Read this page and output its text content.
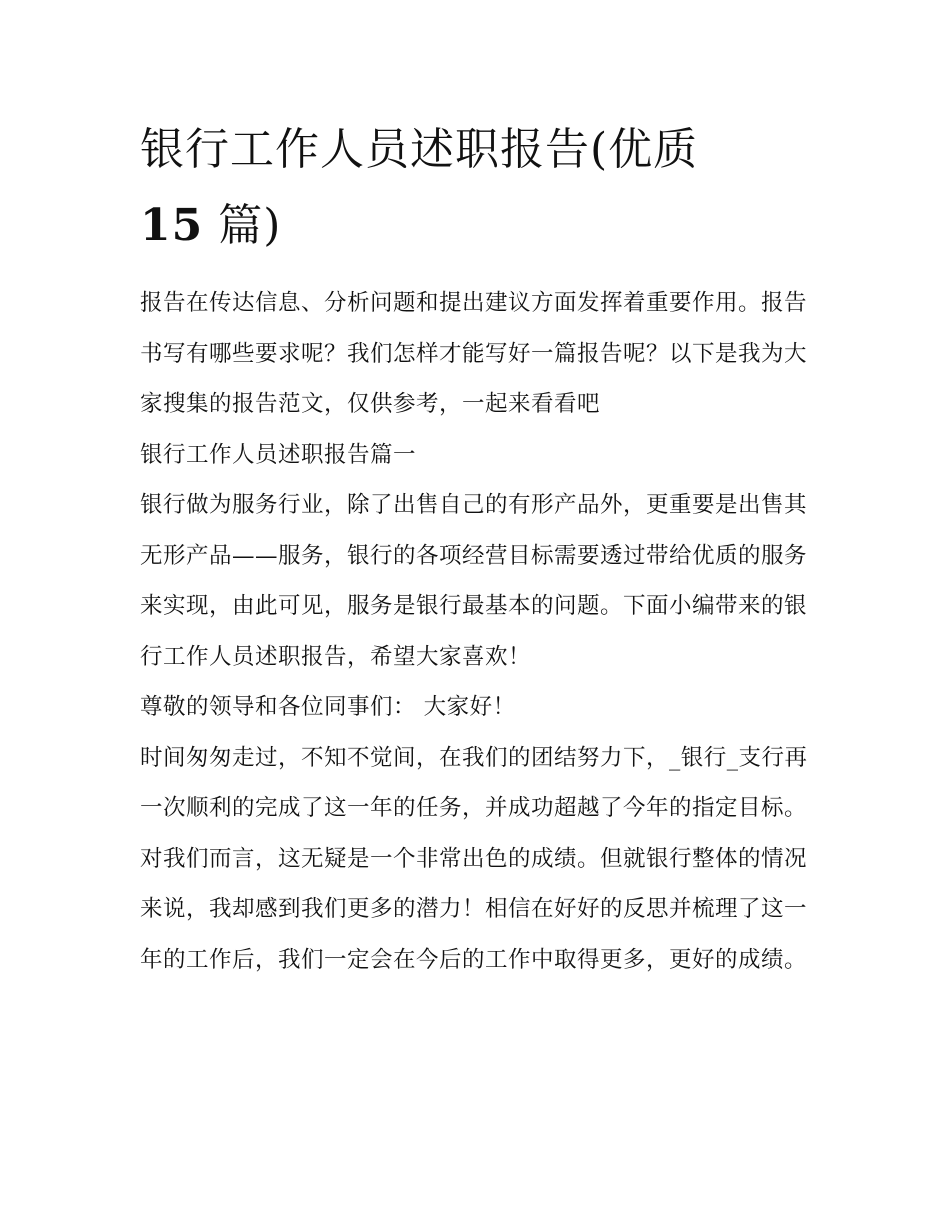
银行工作人员述职报告(优质
15 篇)

报告在传达信息、分析问题和提出建议方面发挥着重要作用。报告书写有哪些要求呢？我们怎样才能写好一篇报告呢？以下是我为大家搜集的报告范文，仅供参考，一起来看看吧

银行工作人员述职报告篇一

银行做为服务行业，除了出售自己的有形产品外，更重要是出售其无形产品——服务，银行的各项经营目标需要透过带给优质的服务来实现，由此可见，服务是银行最基本的问题。下面小编带来的银行工作人员述职报告，希望大家喜欢！

尊敬的领导和各位同事们： 大家好！

时间匆匆走过，不知不觉间，在我们的团结努力下，_银行_支行再一次顺利的完成了这一年的任务，并成功超越了今年的指定目标。

对我们而言，这无疑是一个非常出色的成绩。但就银行整体的情况来说，我却感到我们更多的潜力！相信在好好的反思并梳理了这一年的工作后，我们一定会在今后的工作中取得更多，更好的成绩。
